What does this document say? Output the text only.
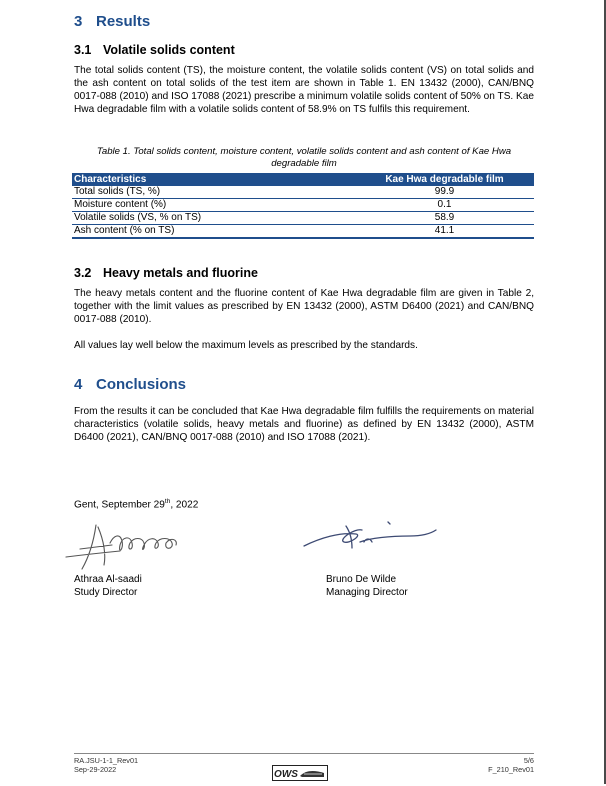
3 Results
3.1 Volatile solids content

The total solids content (TS), the moisture content, the volatile solids content (VS) on total solids and the ash content on total solids of the test item are shown in Table 1. EN 13432 (2000), CAN/BNQ 0017-088 (2010) and ISO 17088 (2021) prescribe a minimum volatile solids content of 50% on TS. Kae Hwa degradable film with a volatile solids content of 58.9% on TS fulfils this requirement.

Table 1. Total solids content, moisture content, volatile solids content and ash content of Kae Hwa degradable film
Characteristics	Kae Hwa degradable film
Total solids (TS, %)	99.9
Moisture content (%)	0.1
Volatile solids (VS, % on TS)	58.9
Ash content (% on TS)	41.1
3.2 Heavy metals and fluorine

The heavy metals content and the fluorine content of Kae Hwa degradable film are given in Table 2, together with the limit values as prescribed by EN 13432 (2000), ASTM D6400 (2021) and CAN/BNQ 0017-088 (2010).

All values lay well below the maximum levels as prescribed by the standards.

4 Conclusions

From the results it can be concluded that Kae Hwa degradable film fulfills the requirements on material characteristics (volatile solids, heavy metals and fluorine) as defined by EN 13432 (2000), ASTM D6400 (2021), CAN/BNQ 0017-088 (2010) and ISO 17088 (2021).

Gent, September 29th, 2022
Athraa Al-saadi
Study Director
Bruno De Wilde
Managing Director
RA.JSU-1-1_Rev01
Sep-29-2022
5/6
F_210_Rev01
OWS
